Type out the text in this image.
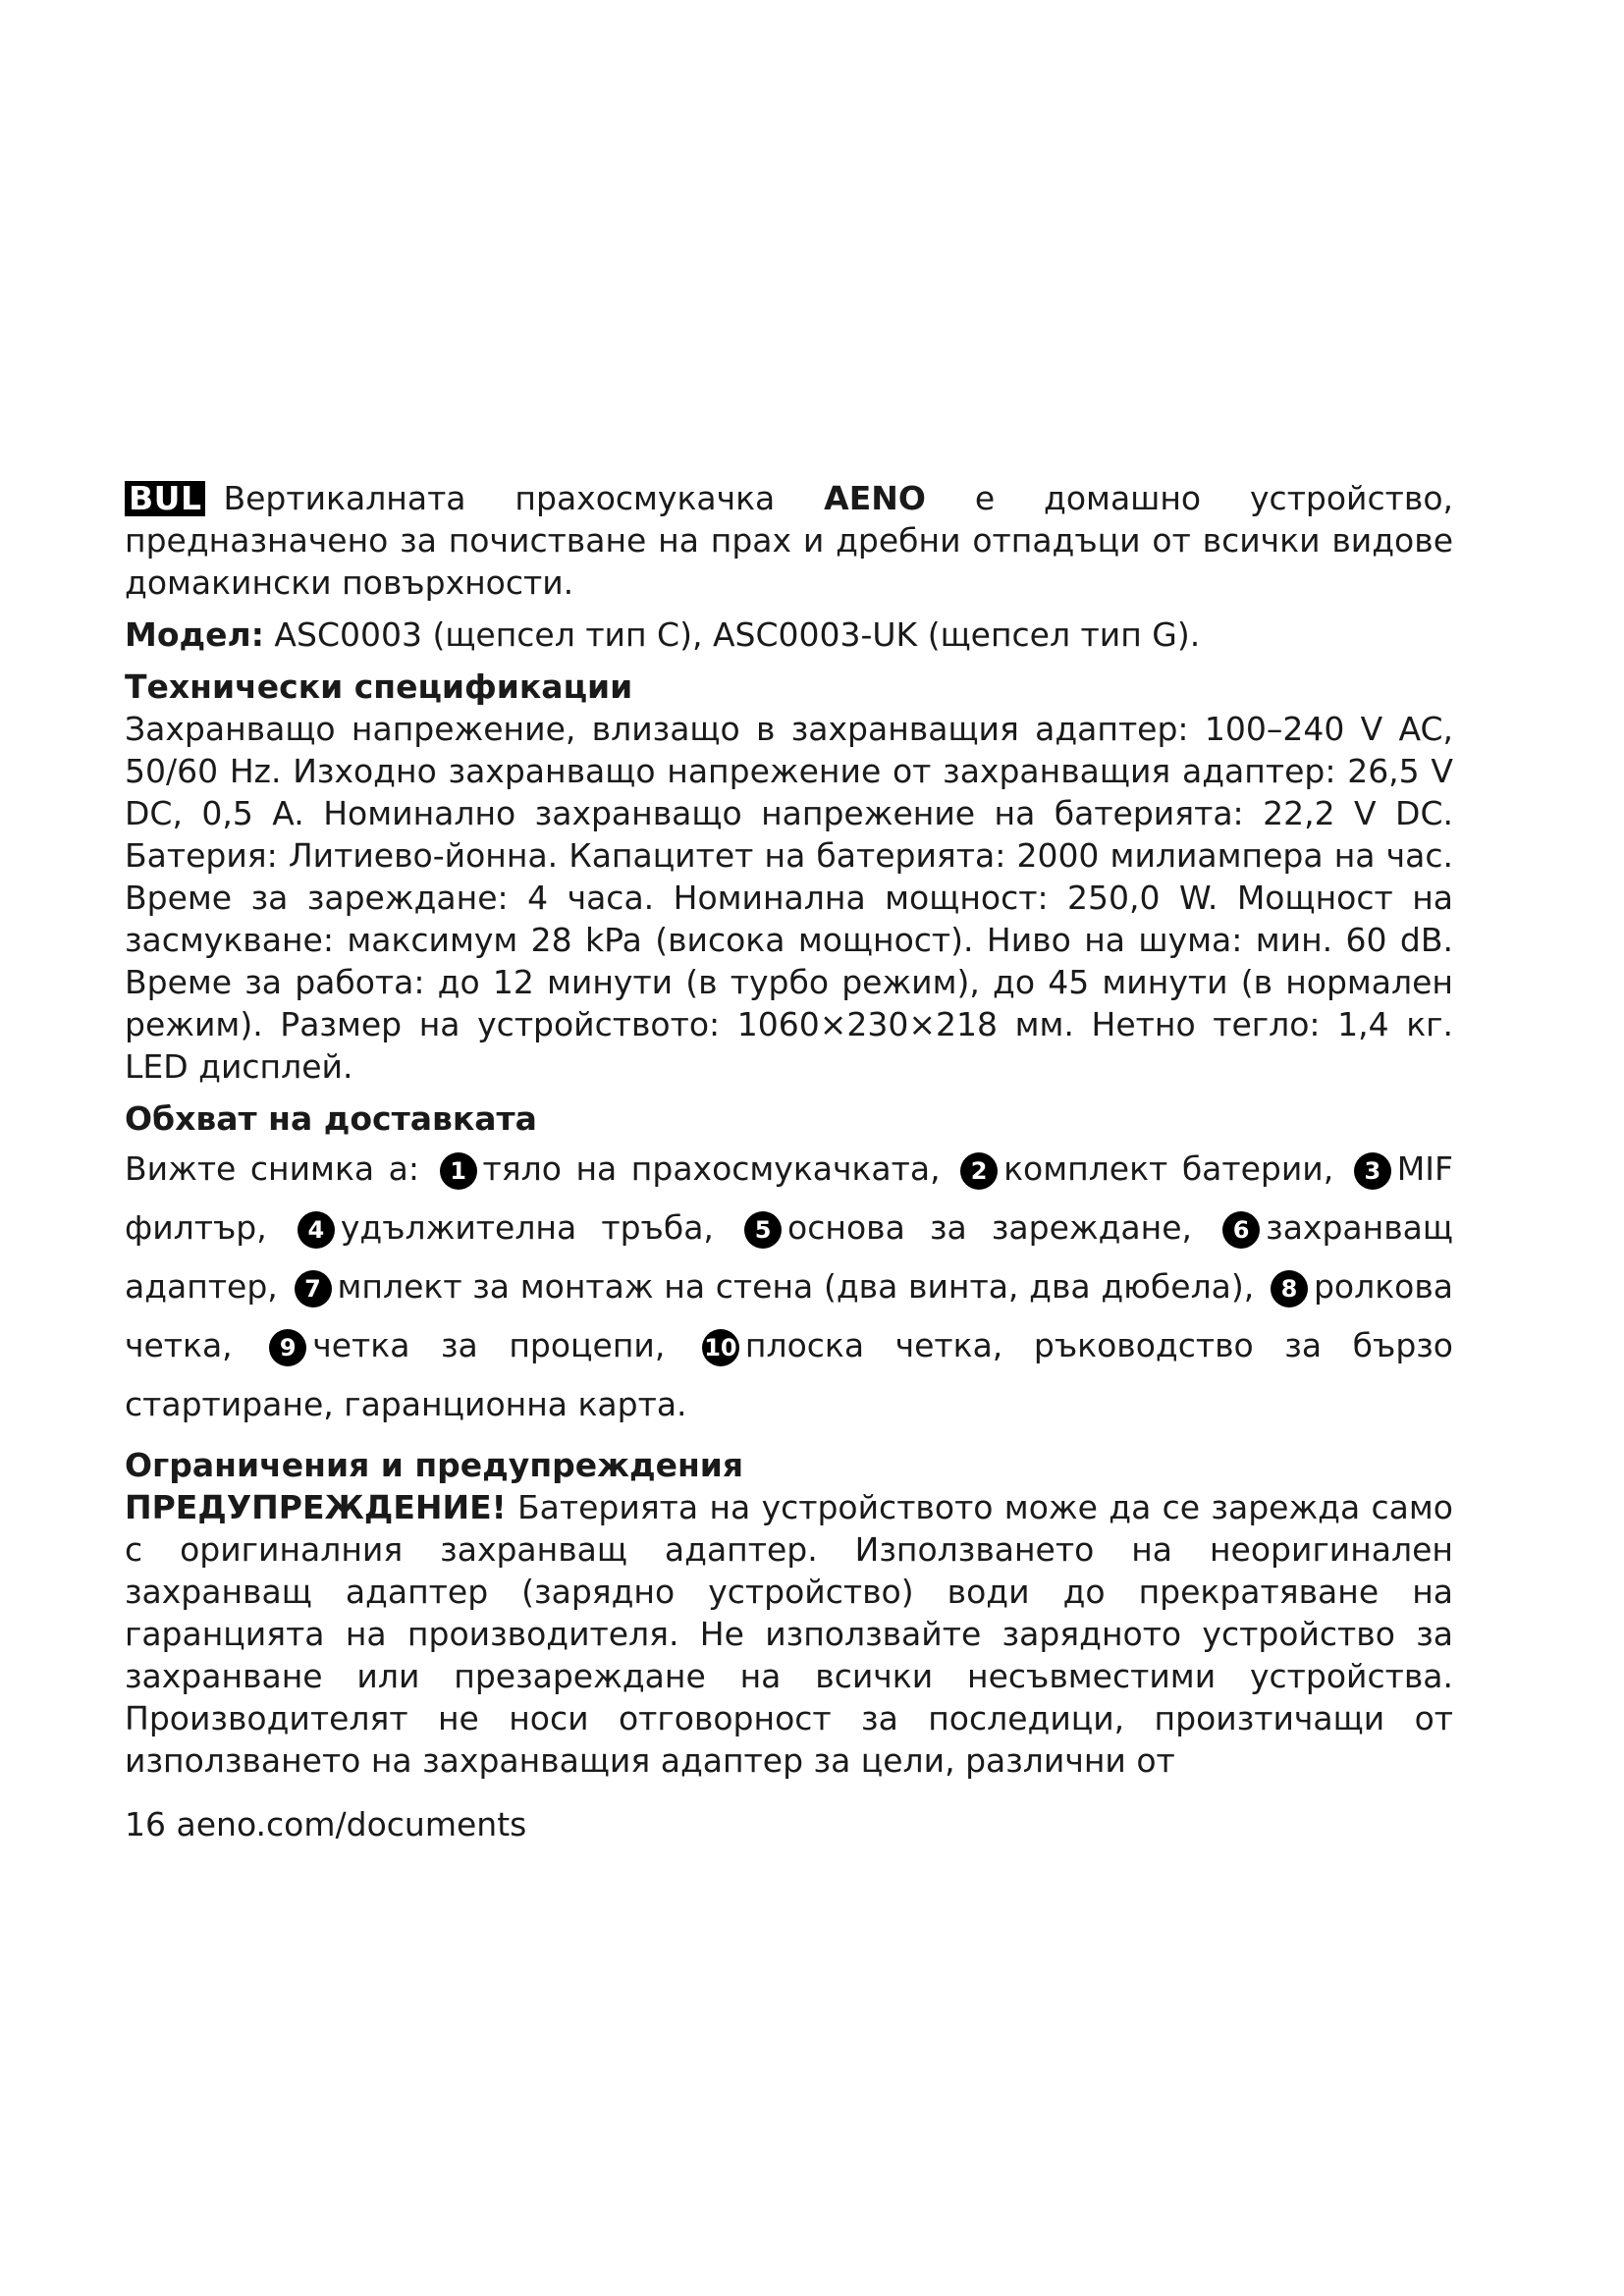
BUL Вертикалната прахосмукачка AENO е домашно устройство, предназначено за почистване на прах и дребни отпадъци от всички видове домакински повърхности.

Модел: ASC0003 (щепсел тип С), ASC0003-UK (щепсел тип G).

Технически спецификации

Захранващо напрежение, влизащо в захранващия адаптер: 100–240 V AC, 50/60 Hz. Изходно захранващо напрежение от захранващия адаптер: 26,5 V DC, 0,5 A. Номинално захранващо напрежение на батерията: 22,2 V DC. Батерия: Литиево-йонна. Капацитет на батерията: 2000 милиампера на час. Време за зареждане: 4 часа. Номинална мощност: 250,0 W. Мощност на засмукване: максимум 28 kPa (висока мощност). Ниво на шума: мин. 60 dB. Време за работа: до 12 минути (в турбо режим), до 45 минути (в нормален режим). Размер на устройството: 1060×230×218 мм. Нетно тегло: 1,4 кг. LED дисплей.

Обхват на доставката

Вижте снимка а: 1 тяло на прахосмукачката, 2 комплект батерии, 3 MIF филтър, 4 удължителна тръба, 5 основа за зареждане, 6 захранващ адаптер, 7 мплект за монтаж на стена (два винта, два дюбела), 8 ролкова четка, 9 четка за процепи, 10 плоска четка, ръководство за бързо стартиране, гаранционна карта.

Ограничения и предупреждения

ПРЕДУПРЕЖДЕНИЕ! Батерията на устройството може да се зарежда само с оригиналния захранващ адаптер. Използването на неоригинален захранващ адаптер (зарядно устройство) води до прекратяване на гаранцията на производителя. Не използвайте зарядното устройство за захранване или презареждане на всички несъвместими устройства. Производителят не носи отговорност за последици, произтичащи от използването на захранващия адаптер за цели, различни от

16 aeno.com/documents
